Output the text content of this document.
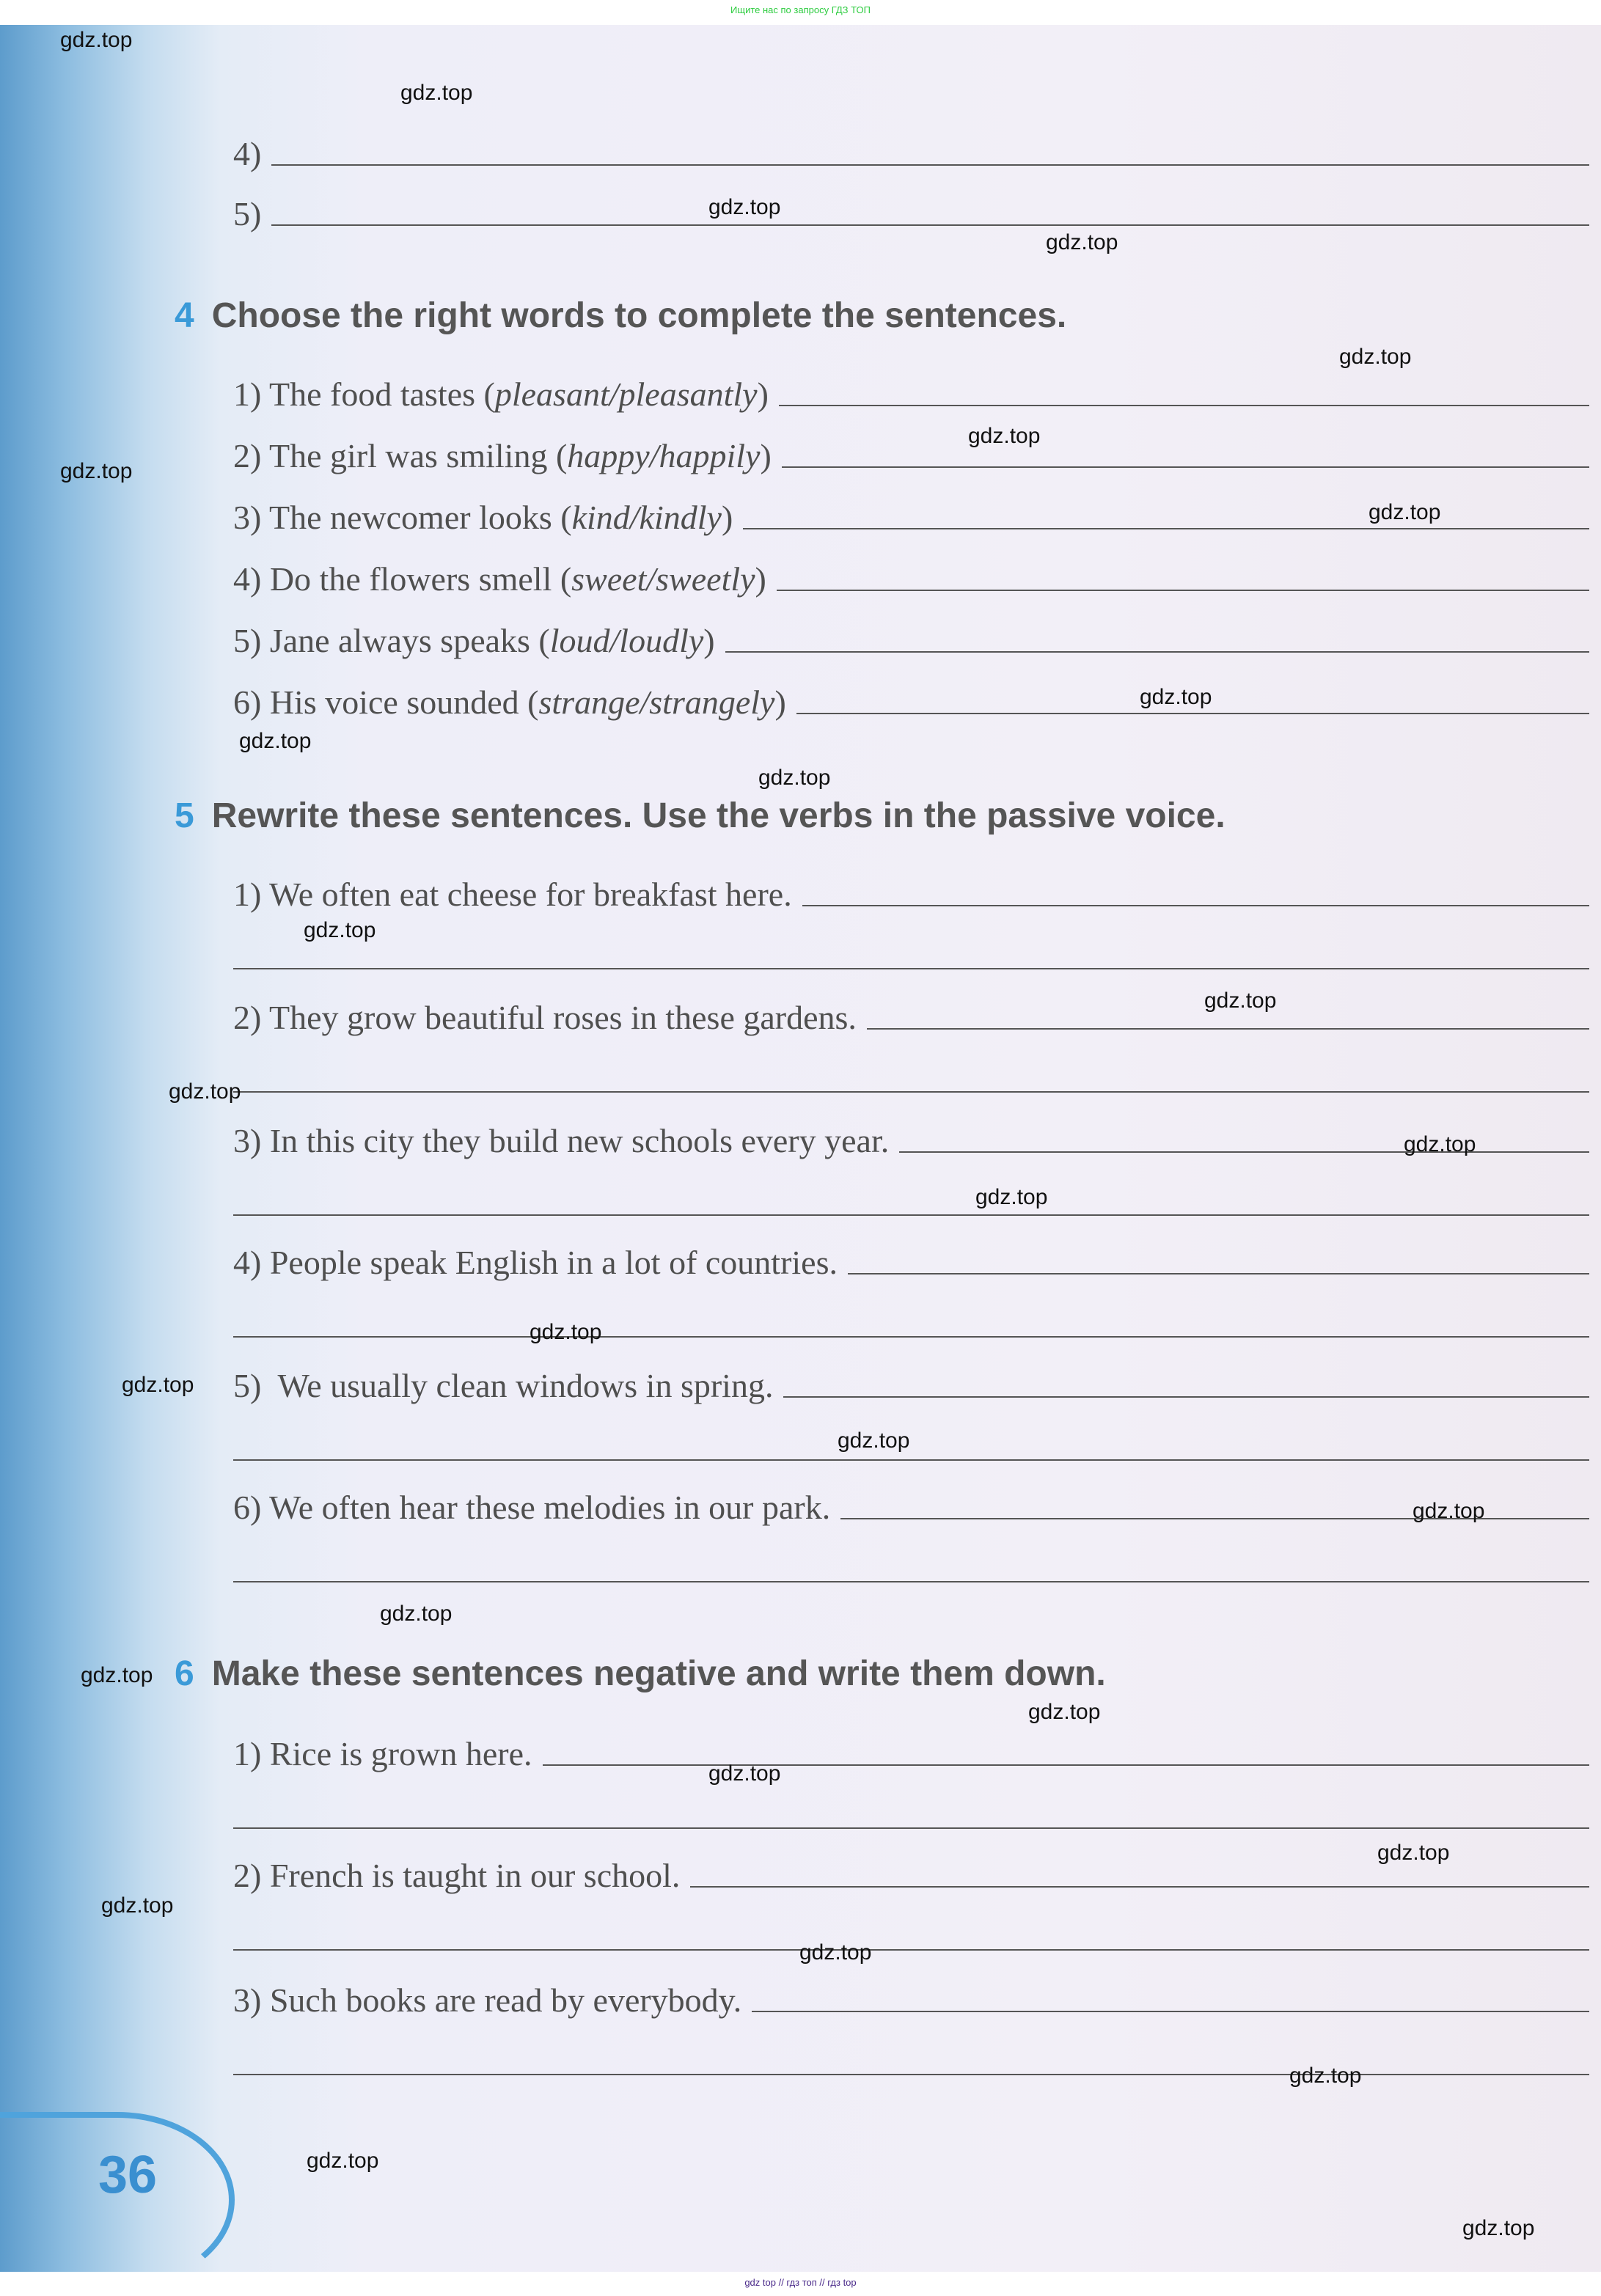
Ищите нас по запросу ГДЗ ТОП
4)
5)
4 Choose the right words to complete the sentences.
1) The food tastes (pleasant/pleasantly)
2) The girl was smiling (happy/happily)
3) The newcomer looks (kind/kindly)
4) Do the flowers smell (sweet/sweetly)
5) Jane always speaks (loud/loudly)
6) His voice sounded (strange/strangely)
5 Rewrite these sentences. Use the verbs in the passive voice.
1) We often eat cheese for breakfast here.
2) They grow beautiful roses in these gardens.
3) In this city they build new schools every year.
4) People speak English in a lot of countries.
5)  We usually clean windows in spring.
6) We often hear these melodies in our park.
6 Make these sentences negative and write them down.
1) Rice is grown here.
2) French is taught in our school.
3) Such books are read by everybody.
36
gdz.top
gdz.top
gdz.top
gdz.top
gdz.top
gdz.top
gdz.top
gdz.top
gdz.top
gdz.top
gdz.top
gdz.top
gdz.top
gdz.top
gdz.top
gdz.top
gdz.top
gdz.top
gdz.top
gdz.top
gdz.top
gdz.top
gdz.top
gdz.top
gdz.top
gdz.top
gdz.top
gdz.top
gdz.top
gdz.top
gdz top // гдз топ // гдз top
